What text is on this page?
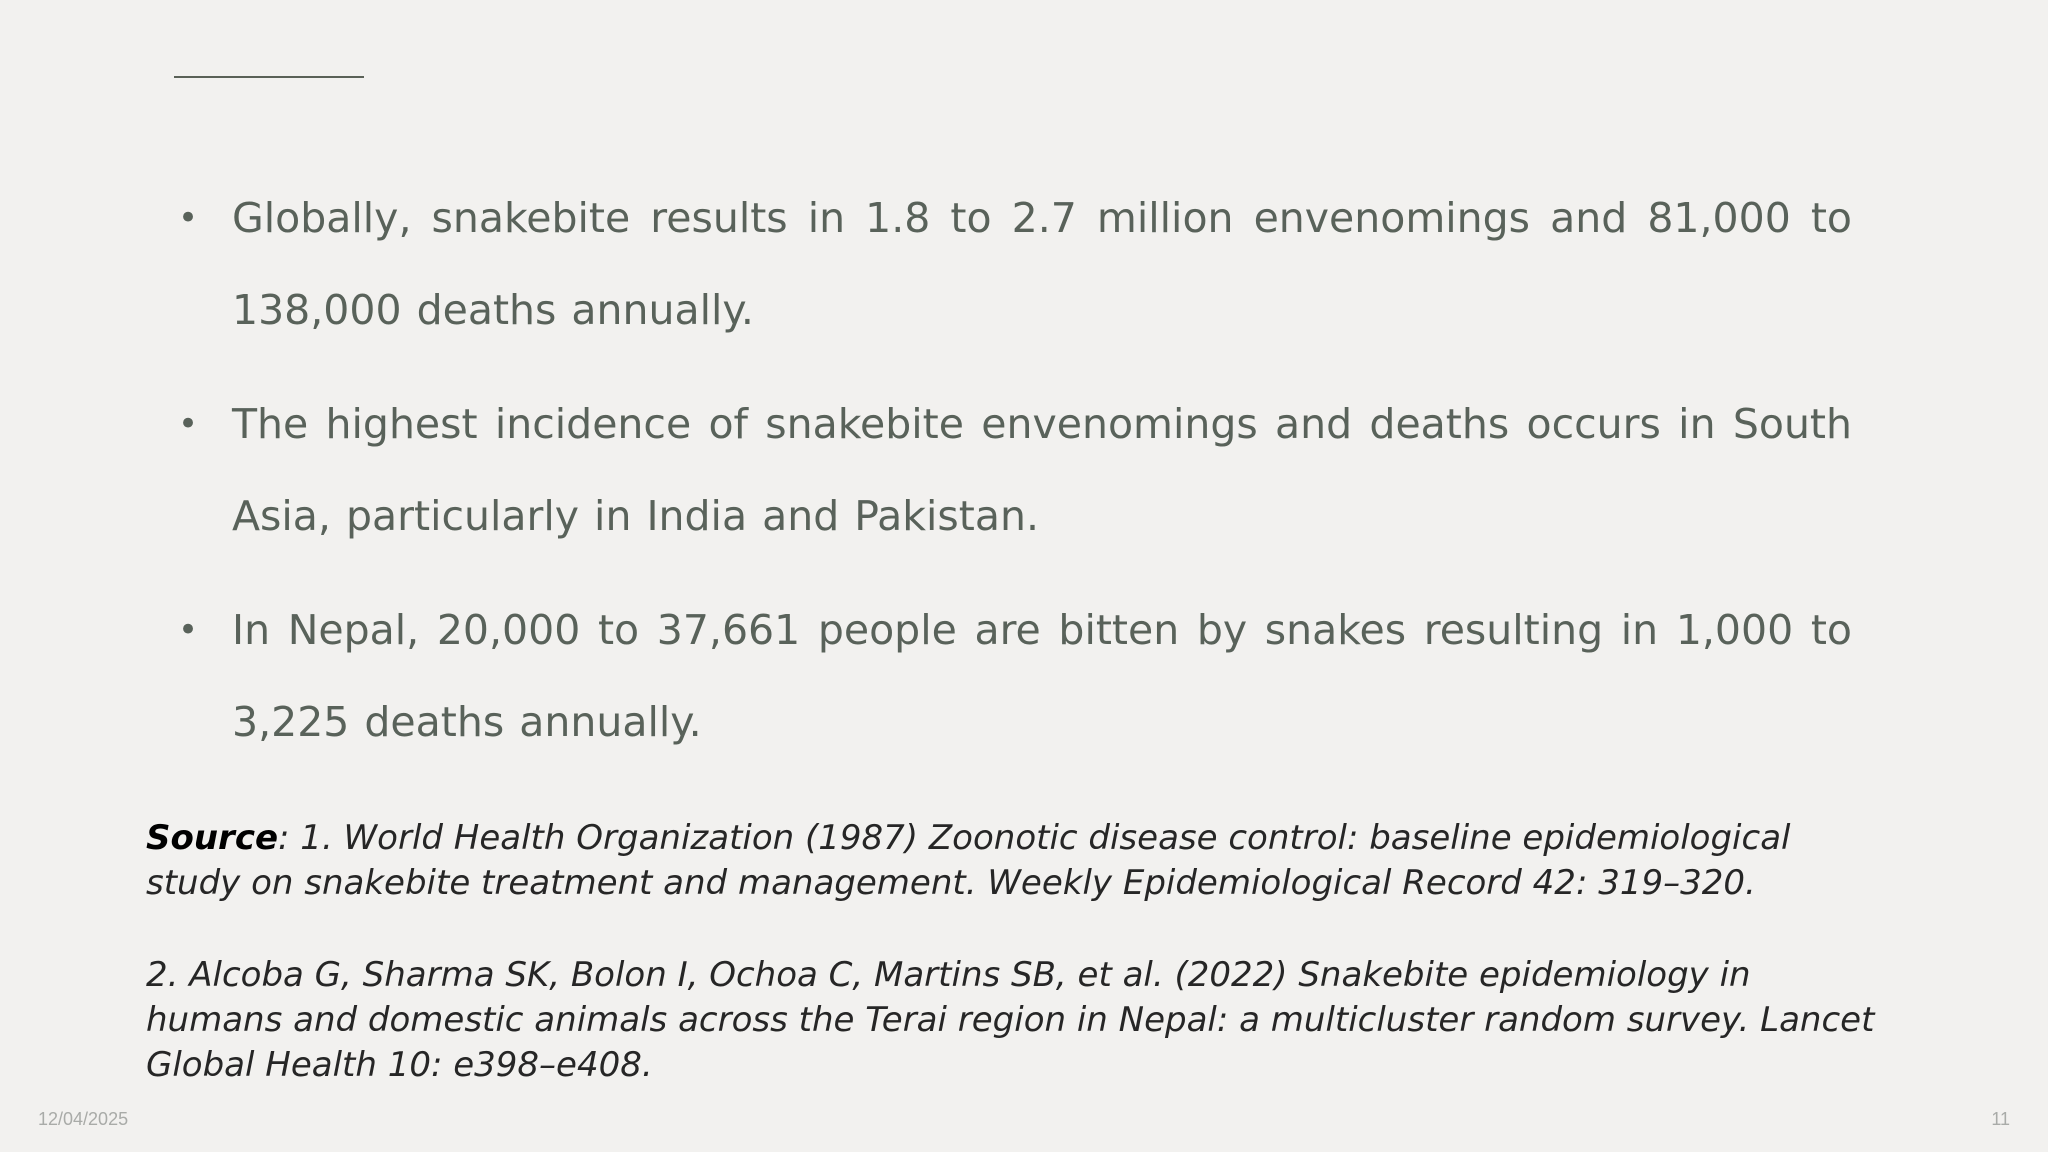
• Globally, snakebite results in 1.8 to 2.7 million envenomings and 81,000 to 138,000 deaths annually.
• The highest incidence of snakebite envenomings and deaths occurs in South Asia, particularly in India and Pakistan.
• In Nepal, 20,000 to 37,661 people are bitten by snakes resulting in 1,000 to 3,225 deaths annually.

Source: 1. World Health Organization (1987) Zoonotic disease control: baseline epidemiological study on snakebite treatment and management. Weekly Epidemiological Record 42: 319–320.

2. Alcoba G, Sharma SK, Bolon I, Ochoa C, Martins SB, et al. (2022) Snakebite epidemiology in humans and domestic animals across the Terai region in Nepal: a multicluster random survey. Lancet Global Health 10: e398–e408.

12/04/2025	11
